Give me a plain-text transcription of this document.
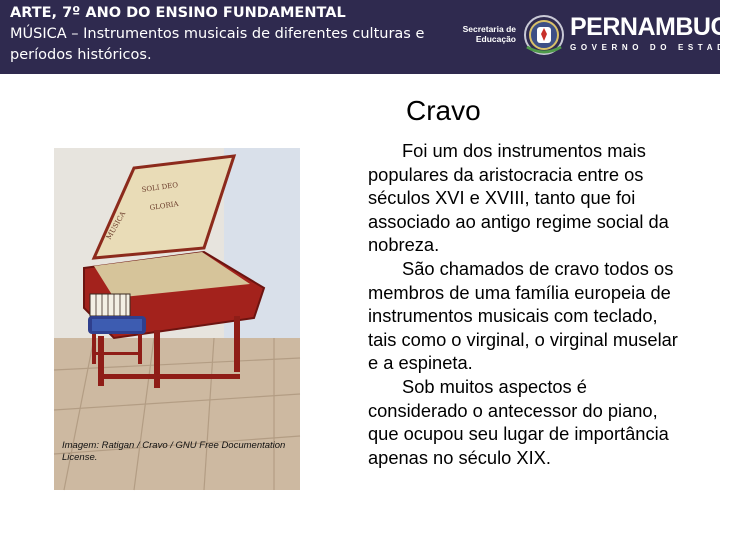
ARTE, 7º ANO DO ENSINO FUNDAMENTAL
MÚSICA – Instrumentos musicais de diferentes culturas e períodos históricos.
Secretaria de
Educação PERNAMBUCO
GOVERNO DO ESTADO
Cravo
SOLI DEO
GLORIA
MUSICA
Imagem: Ratigan / Cravo / GNU Free Documentation License.

Foi um dos instrumentos mais populares da aristocracia entre os séculos XVI e XVIII, tanto que foi associado ao antigo regime social da nobreza.

São chamados de cravo todos os membros de uma família europeia de instrumentos musicais com teclado, tais como o virginal, o virginal muselar e a espineta.

Sob muitos aspectos é considerado o antecessor do piano, que ocupou seu lugar de importância apenas no século XIX.
